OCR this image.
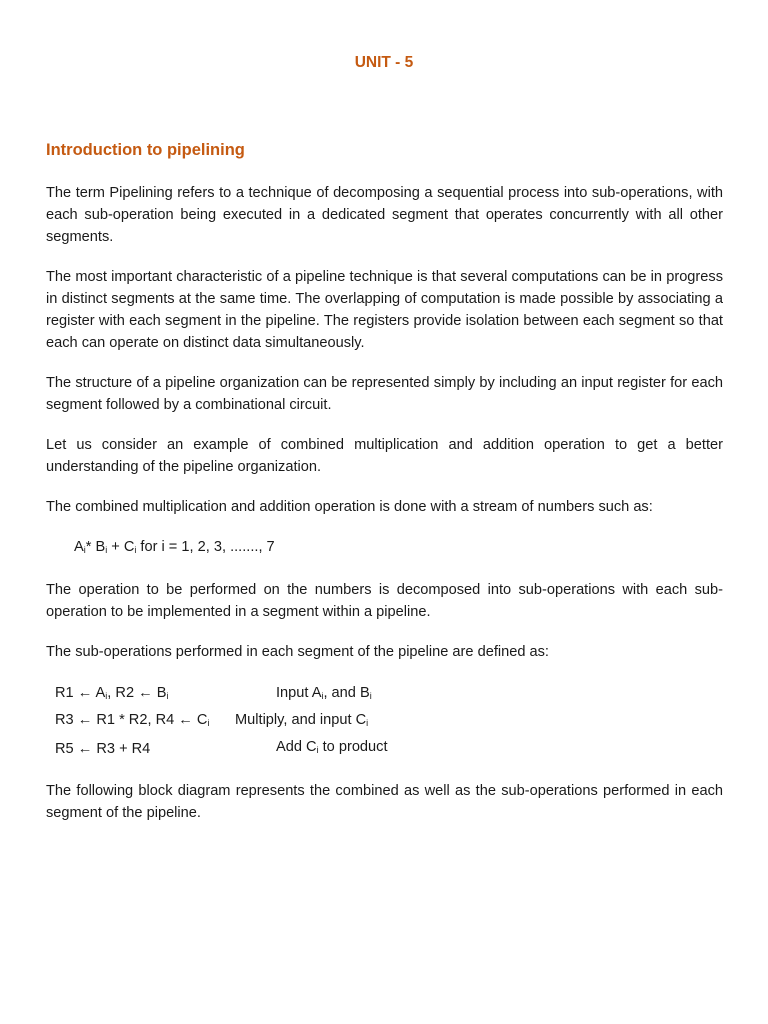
UNIT - 5
Introduction to pipelining

The term Pipelining refers to a technique of decomposing a sequential process into sub-operations, with each sub-operation being executed in a dedicated segment that operates concurrently with all other segments.

The most important characteristic of a pipeline technique is that several computations can be in progress in distinct segments at the same time. The overlapping of computation is made possible by associating a register with each segment in the pipeline. The registers provide isolation between each segment so that each can operate on distinct data simultaneously.

The structure of a pipeline organization can be represented simply by including an input register for each segment followed by a combinational circuit.

Let us consider an example of combined multiplication and addition operation to get a better understanding of the pipeline organization.

The combined multiplication and addition operation is done with a stream of numbers such as:

$A_i*$ $B_i + C_i$ for i = 1, 2, 3, ......., 7

The operation to be performed on the numbers is decomposed into sub-operations with each sub-operation to be implemented in a segment within a pipeline.

The sub-operations performed in each segment of the pipeline are defined as:

R1 ← $A_i$, R2 ← $B_i$	Input $A_i$, and $B_i$
R3 ← R1 * R2, R4 ← $C_i$	Multiply, and input $C_i$
R5 ← R3 + R4	Add $C_i$ to product

The following block diagram represents the combined as well as the sub-operations performed in each segment of the pipeline.
